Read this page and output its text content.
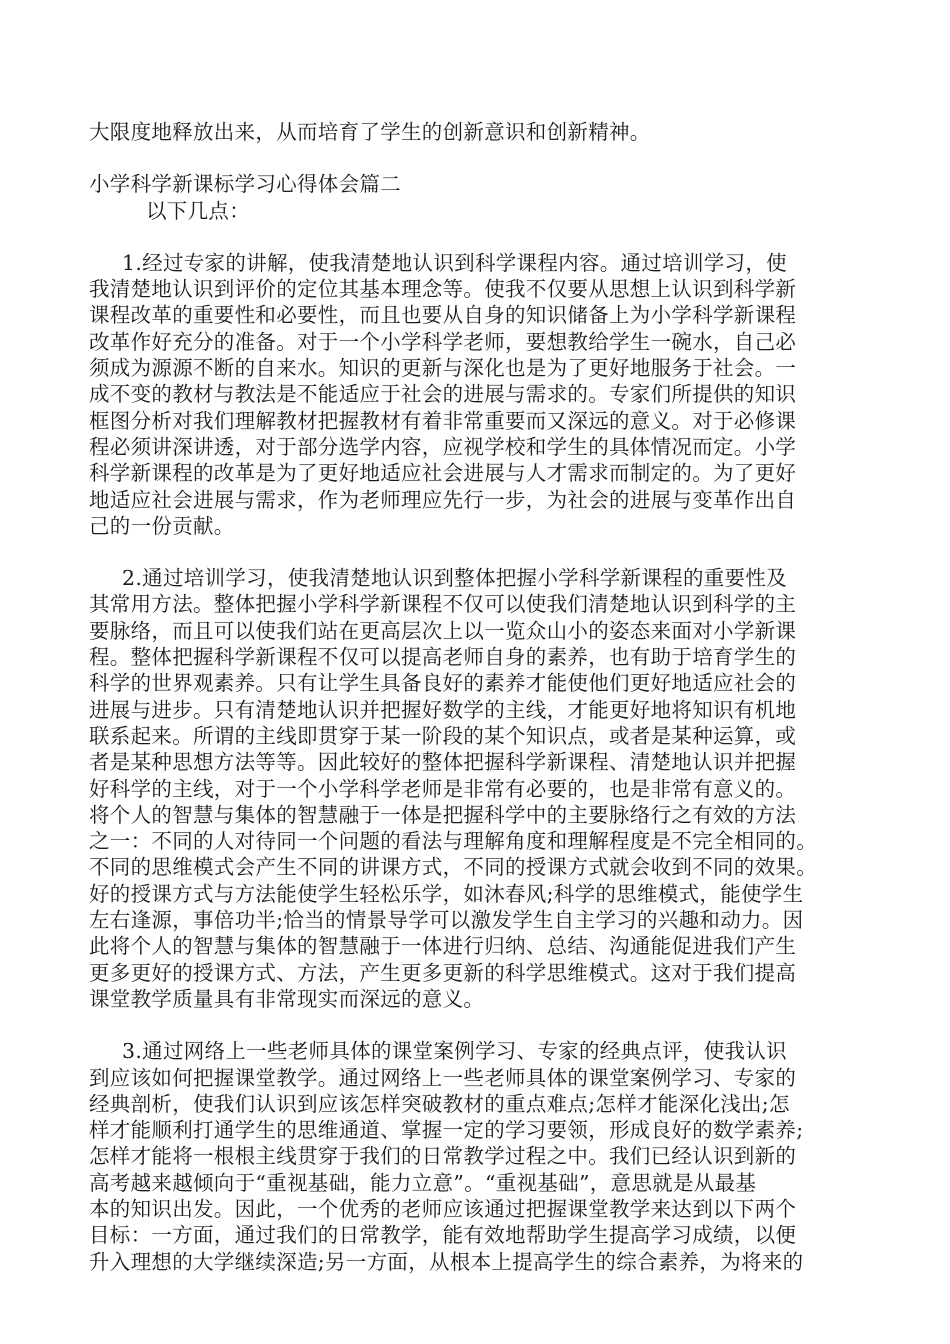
大限度地释放出来，从而培育了学生的创新意识和创新精神。
小学科学新课标学习心得体会篇二
以下几点：
1.经过专家的讲解，使我清楚地认识到科学课程内容。通过培训学习，使
我清楚地认识到评价的定位其基本理念等。使我不仅要从思想上认识到科学新
课程改革的重要性和必要性，而且也要从自身的知识储备上为小学科学新课程
改革作好充分的准备。对于一个小学科学老师，要想教给学生一碗水，自己必
须成为源源不断的自来水。知识的更新与深化也是为了更好地服务于社会。一
成不变的教材与教法是不能适应于社会的进展与需求的。专家们所提供的知识
框图分析对我们理解教材把握教材有着非常重要而又深远的意义。对于必修课
程必须讲深讲透，对于部分选学内容，应视学校和学生的具体情况而定。小学
科学新课程的改革是为了更好地适应社会进展与人才需求而制定的。为了更好
地适应社会进展与需求，作为老师理应先行一步，为社会的进展与变革作出自
己的一份贡献。
2.通过培训学习，使我清楚地认识到整体把握小学科学新课程的重要性及
其常用方法。整体把握小学科学新课程不仅可以使我们清楚地认识到科学的主
要脉络，而且可以使我们站在更高层次上以一览众山小的姿态来面对小学新课
程。整体把握科学新课程不仅可以提高老师自身的素养，也有助于培育学生的
科学的世界观素养。只有让学生具备良好的素养才能使他们更好地适应社会的
进展与进步。只有清楚地认识并把握好数学的主线，才能更好地将知识有机地
联系起来。所谓的主线即贯穿于某一阶段的某个知识点，或者是某种运算，或
者是某种思想方法等等。因此较好的整体把握科学新课程、清楚地认识并把握
好科学的主线，对于一个小学科学老师是非常有必要的，也是非常有意义的。
将个人的智慧与集体的智慧融于一体是把握科学中的主要脉络行之有效的方法
之一：不同的人对待同一个问题的看法与理解角度和理解程度是不完全相同的。
不同的思维模式会产生不同的讲课方式，不同的授课方式就会收到不同的效果。
好的授课方式与方法能使学生轻松乐学，如沐春风;科学的思维模式，能使学生
左右逢源，事倍功半;恰当的情景导学可以激发学生自主学习的兴趣和动力。因
此将个人的智慧与集体的智慧融于一体进行归纳、总结、沟通能促进我们产生
更多更好的授课方式、方法，产生更多更新的科学思维模式。这对于我们提高
课堂教学质量具有非常现实而深远的意义。
3.通过网络上一些老师具体的课堂案例学习、专家的经典点评，使我认识
到应该如何把握课堂教学。通过网络上一些老师具体的课堂案例学习、专家的
经典剖析，使我们认识到应该怎样突破教材的重点难点;怎样才能深化浅出;怎
样才能顺利打通学生的思维通道、掌握一定的学习要领，形成良好的数学素养;
怎样才能将一根根主线贯穿于我们的日常教学过程之中。我们已经认识到新的
高考越来越倾向于“重视基础，能力立意”。“重视基础”，意思就是从最基
本的知识出发。因此，一个优秀的老师应该通过把握课堂教学来达到以下两个
目标：一方面，通过我们的日常教学，能有效地帮助学生提高学习成绩，以便
升入理想的大学继续深造;另一方面，从根本上提高学生的综合素养，为将来的
